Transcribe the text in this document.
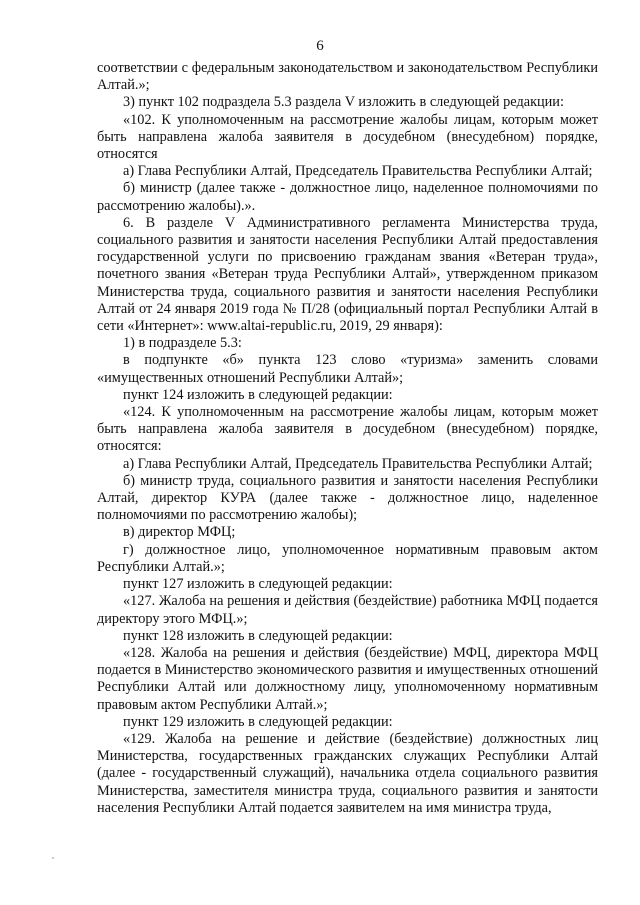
6

соответствии с федеральным законодательством и законодательством Республики Алтай.»;

3) пункт 102 подраздела 5.3 раздела V изложить в следующей редакции:

«102. К уполномоченным на рассмотрение жалобы лицам, которым может быть направлена жалоба заявителя в досудебном (внесудебном) порядке, относятся

а) Глава Республики Алтай, Председатель Правительства Республики Алтай;

б) министр (далее также - должностное лицо, наделенное полномочиями по рассмотрению жалобы).».

6. В разделе V Административного регламента Министерства труда, социального развития и занятости населения Республики Алтай предоставления государственной услуги по присвоению гражданам звания «Ветеран труда», почетного звания «Ветеран труда Республики Алтай», утвержденном приказом Министерства труда, социального развития и занятости населения Республики Алтай от 24 января 2019 года № П/28 (официальный портал Республики Алтай в сети «Интернет»: www.altai-republic.ru, 2019, 29 января):

1) в подразделе 5.3:

в подпункте «б» пункта 123 слово «туризма» заменить словами «имущественных отношений Республики Алтай»;

пункт 124 изложить в следующей редакции:

«124. К уполномоченным на рассмотрение жалобы лицам, которым может быть направлена жалоба заявителя в досудебном (внесудебном) порядке, относятся:

а) Глава Республики Алтай, Председатель Правительства Республики Алтай;

б) министр труда, социального развития и занятости населения Республики Алтай, директор КУРА (далее также - должностное лицо, наделенное полномочиями по рассмотрению жалобы);

в) директор МФЦ;

г) должностное лицо, уполномоченное нормативным правовым актом Республики Алтай.»;

пункт 127 изложить в следующей редакции:

«127. Жалоба на решения и действия (бездействие) работника МФЦ подается директору этого МФЦ.»;

пункт 128 изложить в следующей редакции:

«128. Жалоба на решения и действия (бездействие) МФЦ, директора МФЦ подается в Министерство экономического развития и имущественных отношений Республики Алтай или должностному лицу, уполномоченному нормативным правовым актом Республики Алтай.»;

пункт 129 изложить в следующей редакции:

«129. Жалоба на решение и действие (бездействие) должностных лиц Министерства, государственных гражданских служащих Республики Алтай (далее - государственный служащий), начальника отдела социального развития Министерства, заместителя министра труда, социального развития и занятости населения Республики Алтай подается заявителем на имя министра труда,
